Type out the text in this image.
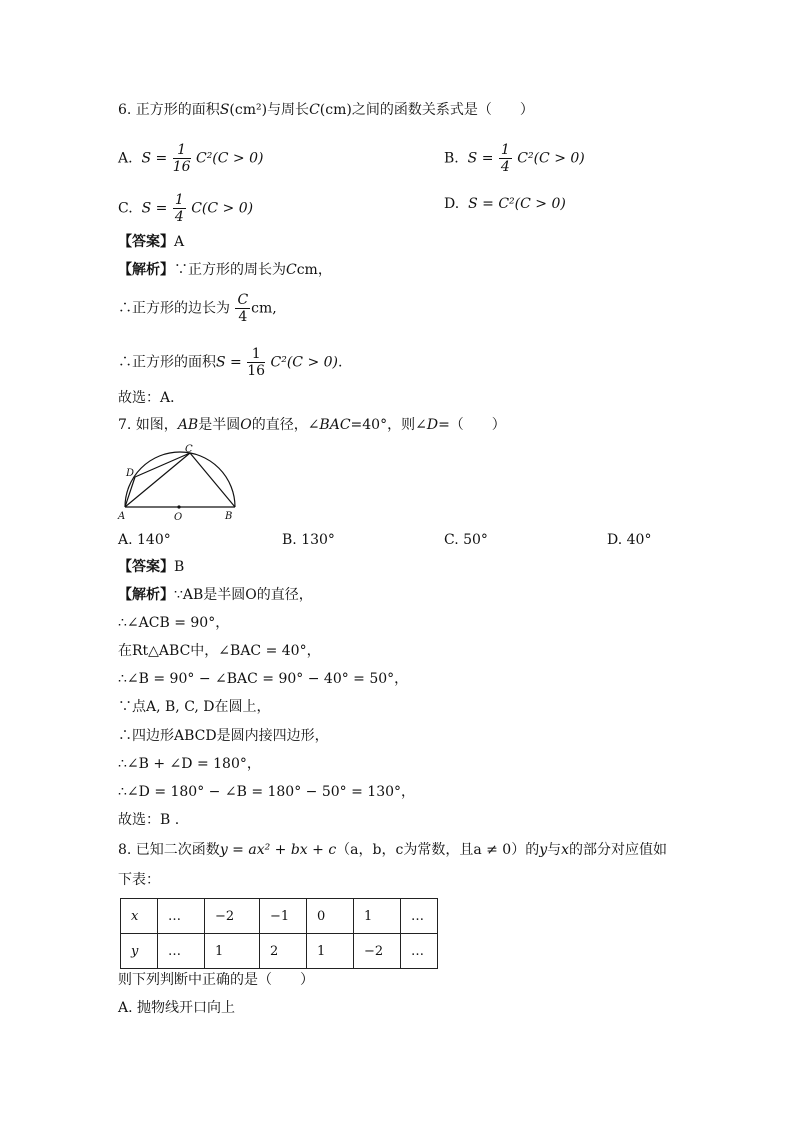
6. 正方形的面积S(cm²)与周长C(cm)之间的函数关系式是（　　）
A. $S = \frac{1}{16} C^2(C > 0)$	B. $S = \frac{1}{4} C^2(C > 0)$
C. $S = \frac{1}{4} C(C > 0)$	D. S = C²(C > 0)
【答案】A
【解析】∵正方形的周长为Ccm，
∴正方形的边长为 $\frac{C}{4}$ cm,
∴正方形的面积$S = \frac{1}{16} C^2(C > 0)$.
故选：A．
7. 如图，AB是半圆O的直径，∠BAC=40°，则∠D=（　　）
A	B
C
D
O
A. 140°	B. 130°	C. 50°	D. 40°
【答案】B
【解析】∵AB是半圆O的直径，
∴∠ACB = 90°，
在Rt△ABC中，∠BAC = 40°，
∴∠B = 90° − ∠BAC = 90° − 40° = 50°，
∵点A, B, C, D在圆上，
∴四边形ABCD是圆内接四边形，
∴∠B + ∠D = 180°，
∴∠D = 180° − ∠B = 180° − 50° = 130°，
故选：B .
8. 已知二次函数y = ax² + bx + c（a，b，c为常数，且a ≠ 0）的y与x的部分对应值如
下表：
x	…	−2	−1	0	1	…
y	…	1	2	1	−2	…
则下列判断中正确的是（　　）
A. 抛物线开口向上
